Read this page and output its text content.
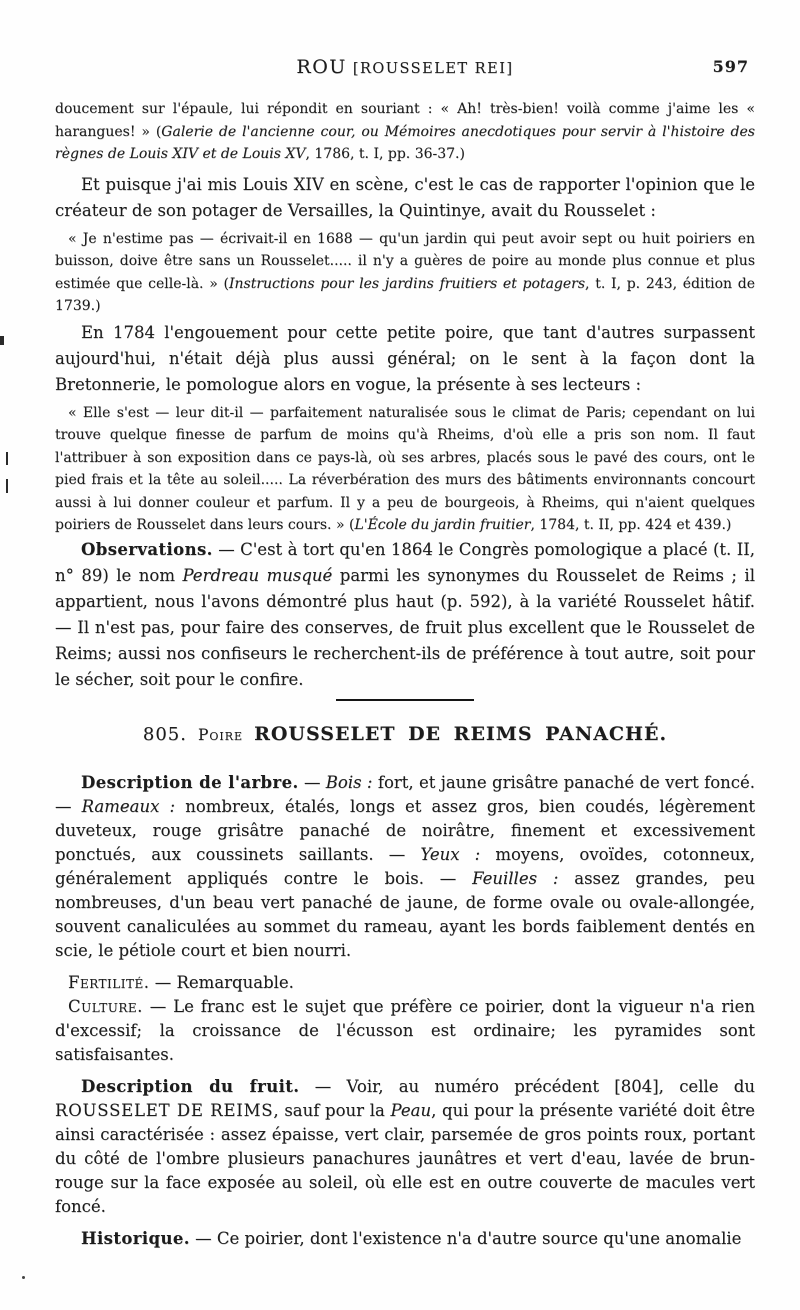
ROU [ROUSSELET REI]	597

doucement sur l'épaule, lui répondit en souriant : « Ah! très-bien! voilà comme j'aime les « harangues! » (Galerie de l'ancienne cour, ou Mémoires anecdotiques pour servir à l'histoire des règnes de Louis XIV et de Louis XV, 1786, t. I, pp. 36-37.)

Et puisque j'ai mis Louis XIV en scène, c'est le cas de rapporter l'opinion que le créateur de son potager de Versailles, la Quintinye, avait du Rousselet :

« Je n'estime pas — écrivait-il en 1688 — qu'un jardin qui peut avoir sept ou huit poiriers en buisson, doive être sans un Rousselet..... il n'y a guères de poire au monde plus connue et plus estimée que celle-là. » (Instructions pour les jardins fruitiers et potagers, t. I, p. 243, édition de 1739.)

En 1784 l'engouement pour cette petite poire, que tant d'autres surpassent aujourd'hui, n'était déjà plus aussi général; on le sent à la façon dont la Bretonnerie, le pomologue alors en vogue, la présente à ses lecteurs :

« Elle s'est — leur dit-il — parfaitement naturalisée sous le climat de Paris; cependant on lui trouve quelque finesse de parfum de moins qu'à Rheims, d'où elle a pris son nom. Il faut l'attribuer à son exposition dans ce pays-là, où ses arbres, placés sous le pavé des cours, ont le pied frais et la tête au soleil..... La réverbération des murs des bâtiments environnants concourt aussi à lui donner couleur et parfum. Il y a peu de bourgeois, à Rheims, qui n'aient quelques poiriers de Rousselet dans leurs cours. » (L'École du jardin fruitier, 1784, t. II, pp. 424 et 439.)

Observations. — C'est à tort qu'en 1864 le Congrès pomologique a placé (t. II, n° 89) le nom Perdreau musqué parmi les synonymes du Rousselet de Reims ; il appartient, nous l'avons démontré plus haut (p. 592), à la variété Rousselet hâtif. — Il n'est pas, pour faire des conserves, de fruit plus excellent que le Rousselet de Reims; aussi nos confiseurs le recherchent-ils de préférence à tout autre, soit pour le sécher, soit pour le confire.

805. Poire ROUSSELET DE REIMS PANACHÉ.

Description de l'arbre. — Bois : fort, et jaune grisâtre panaché de vert foncé. — Rameaux : nombreux, étalés, longs et assez gros, bien coudés, légèrement duveteux, rouge grisâtre panaché de noirâtre, finement et excessivement ponctués, aux coussinets saillants. — Yeux : moyens, ovoïdes, cotonneux, généralement appliqués contre le bois. — Feuilles : assez grandes, peu nombreuses, d'un beau vert panaché de jaune, de forme ovale ou ovale-allongée, souvent canaliculées au sommet du rameau, ayant les bords faiblement dentés en scie, le pétiole court et bien nourri.

Fertilité. — Remarquable.

Culture. — Le franc est le sujet que préfère ce poirier, dont la vigueur n'a rien d'excessif; la croissance de l'écusson est ordinaire; les pyramides sont satisfaisantes.

Description du fruit. — Voir, au numéro précédent [804], celle du ROUSSELET DE REIMS, sauf pour la Peau, qui pour la présente variété doit être ainsi caractérisée : assez épaisse, vert clair, parsemée de gros points roux, portant du côté de l'ombre plusieurs panachures jaunâtres et vert d'eau, lavée de brun-rouge sur la face exposée au soleil, où elle est en outre couverte de macules vert foncé.

Historique. — Ce poirier, dont l'existence n'a d'autre source qu'une anomalie
